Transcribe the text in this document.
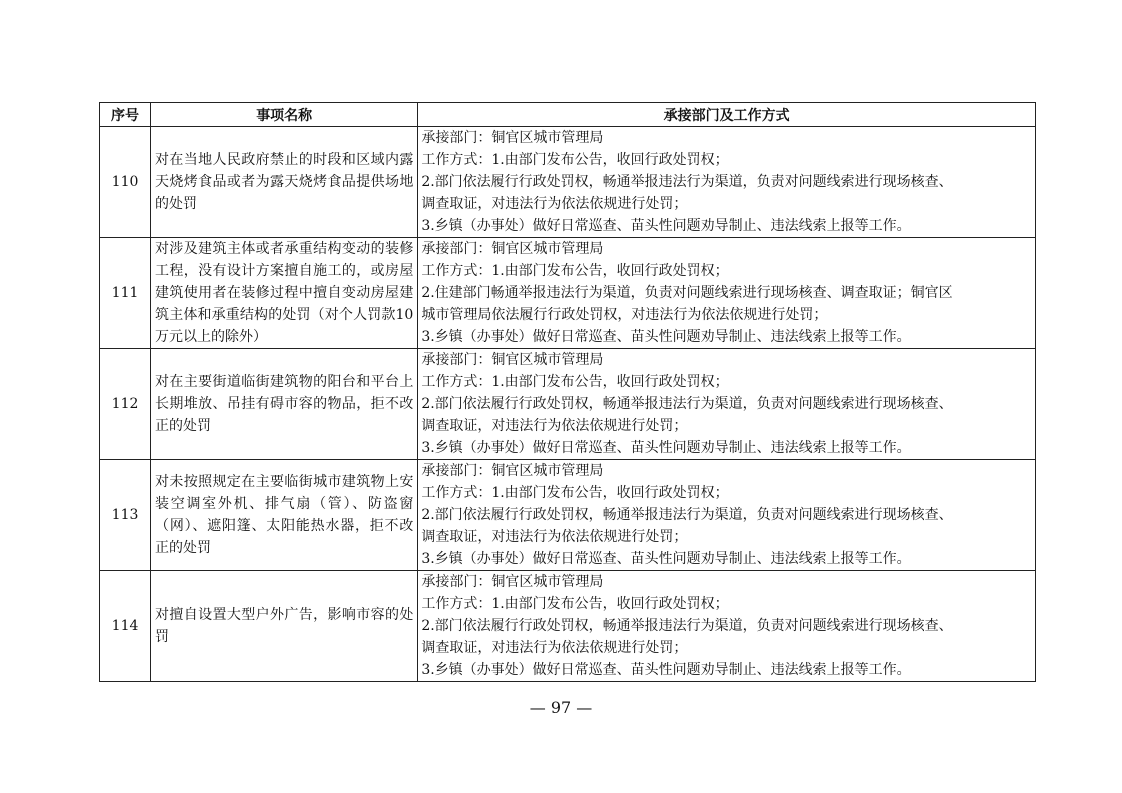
序号	事项名称	承接部门及工作方式
110	对在当地人民政府禁止的时段和区域内露天烧烤食品或者为露天烧烤食品提供场地的处罚	承接部门：铜官区城市管理局
工作方式：1.由部门发布公告，收回行政处罚权；
2.部门依法履行行政处罚权，畅通举报违法行为渠道，负责对问题线索进行现场核查、
调查取证，对违法行为依法依规进行处罚；
3.乡镇（办事处）做好日常巡查、苗头性问题劝导制止、违法线索上报等工作。

111	对涉及建筑主体或者承重结构变动的装修工程，没有设计方案擅自施工的，或房屋建筑使用者在装修过程中擅自变动房屋建筑主体和承重结构的处罚（对个人罚款10万元以上的除外）	承接部门：铜官区城市管理局
工作方式：1.由部门发布公告，收回行政处罚权；
2.住建部门畅通举报违法行为渠道，负责对问题线索进行现场核查、调查取证；铜官区
城市管理局依法履行行政处罚权，对违法行为依法依规进行处罚；
3.乡镇（办事处）做好日常巡查、苗头性问题劝导制止、违法线索上报等工作。

112	对在主要街道临街建筑物的阳台和平台上长期堆放、吊挂有碍市容的物品，拒不改正的处罚	承接部门：铜官区城市管理局
工作方式：1.由部门发布公告，收回行政处罚权；
2.部门依法履行行政处罚权，畅通举报违法行为渠道，负责对问题线索进行现场核查、
调查取证，对违法行为依法依规进行处罚；
3.乡镇（办事处）做好日常巡查、苗头性问题劝导制止、违法线索上报等工作。

113	对未按照规定在主要临街城市建筑物上安装空调室外机、排气扇（管）、防盗窗（网）、遮阳篷、太阳能热水器，拒不改正的处罚	承接部门：铜官区城市管理局
工作方式：1.由部门发布公告，收回行政处罚权；
2.部门依法履行行政处罚权，畅通举报违法行为渠道，负责对问题线索进行现场核查、
调查取证，对违法行为依法依规进行处罚；
3.乡镇（办事处）做好日常巡查、苗头性问题劝导制止、违法线索上报等工作。

114	对擅自设置大型户外广告，影响市容的处罚	承接部门：铜官区城市管理局
工作方式：1.由部门发布公告，收回行政处罚权；
2.部门依法履行行政处罚权，畅通举报违法行为渠道，负责对问题线索进行现场核查、
调查取证，对违法行为依法依规进行处罚；
3.乡镇（办事处）做好日常巡查、苗头性问题劝导制止、违法线索上报等工作。
— 97 —
